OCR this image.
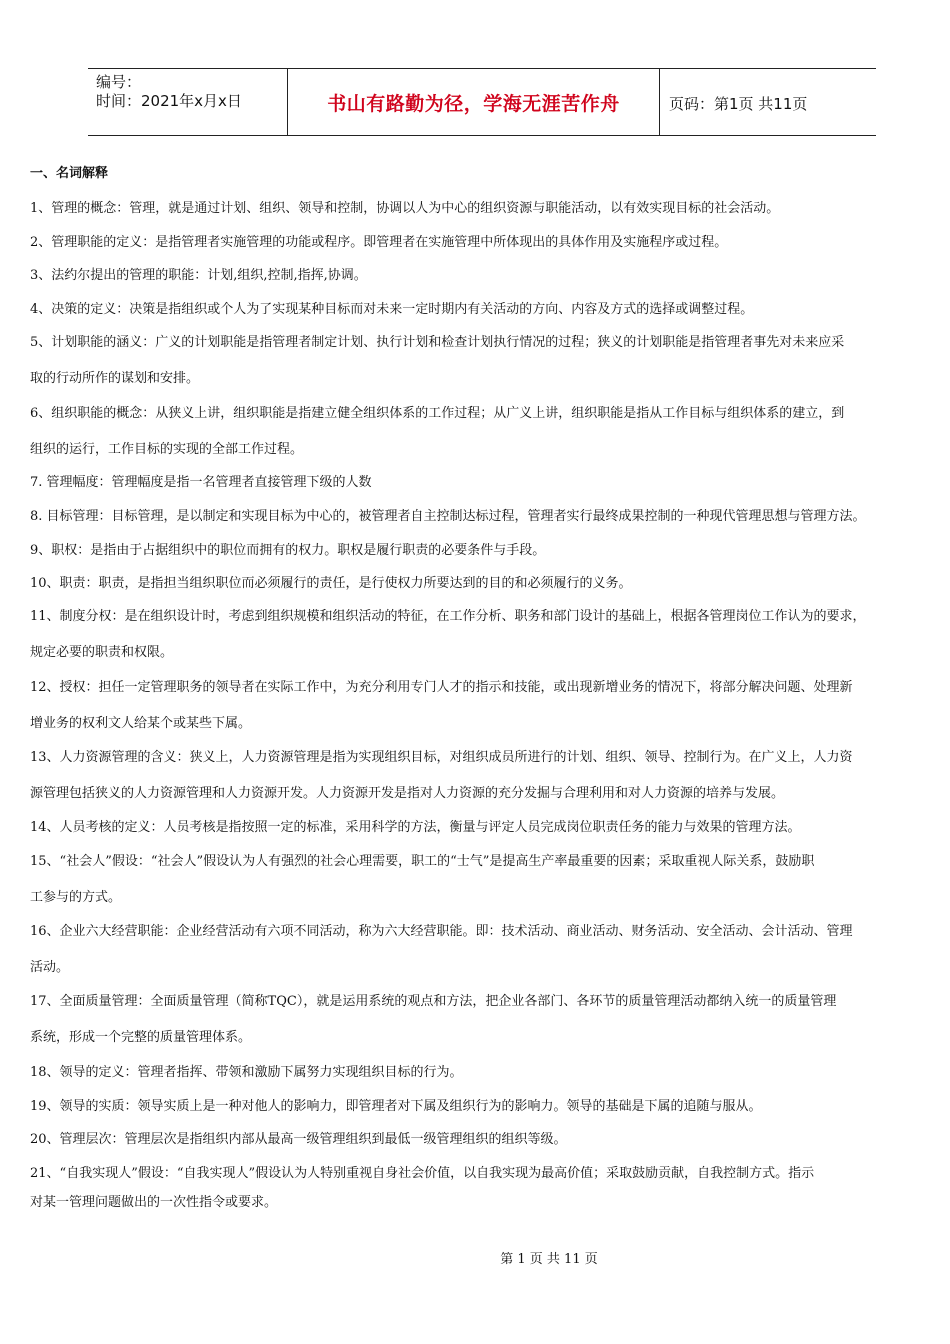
编号：
时间：2021年x月x日	书山有路勤为径，学海无涯苦作舟	页码：第1页 共11页
一、名词解释
1、管理的概念：管理，就是通过计划、组织、领导和控制，协调以人为中心的组织资源与职能活动，以有效实现目标的社会活动。
2、管理职能的定义：是指管理者实施管理的功能或程序。即管理者在实施管理中所体现出的具体作用及实施程序或过程。
3、法约尔提出的管理的职能：计划,组织,控制,指挥,协调。
4、决策的定义：决策是指组织或个人为了实现某种目标而对未来一定时期内有关活动的方向、内容及方式的选择或调整过程。
5、计划职能的涵义：广义的计划职能是指管理者制定计划、执行计划和检查计划执行情况的过程；狭义的计划职能是指管理者事先对未来应采
取的行动所作的谋划和安排。
6、组织职能的概念：从狭义上讲，组织职能是指建立健全组织体系的工作过程；从广义上讲，组织职能是指从工作目标与组织体系的建立，到
组织的运行，工作目标的实现的全部工作过程。
7. 管理幅度：管理幅度是指一名管理者直接管理下级的人数
8. 目标管理：目标管理，是以制定和实现目标为中心的，被管理者自主控制达标过程，管理者实行最终成果控制的一种现代管理思想与管理方法。
9、职权：是指由于占据组织中的职位而拥有的权力。职权是履行职责的必要条件与手段。
10、职责：职责，是指担当组织职位而必须履行的责任，是行使权力所要达到的目的和必须履行的义务。
11、制度分权：是在组织设计时，考虑到组织规模和组织活动的特征，在工作分析、职务和部门设计的基础上，根据各管理岗位工作认为的要求，
规定必要的职责和权限。
12、授权：担任一定管理职务的领导者在实际工作中，为充分利用专门人才的指示和技能，或出现新增业务的情况下，将部分解决问题、处理新
增业务的权利文人给某个或某些下属。
13、人力资源管理的含义：狭义上，人力资源管理是指为实现组织目标，对组织成员所进行的计划、组织、领导、控制行为。在广义上，人力资
源管理包括狭义的人力资源管理和人力资源开发。人力资源开发是指对人力资源的充分发掘与合理利用和对人力资源的培养与发展。
14、人员考核的定义：人员考核是指按照一定的标准，采用科学的方法，衡量与评定人员完成岗位职责任务的能力与效果的管理方法。
15、“社会人”假设：“社会人”假设认为人有强烈的社会心理需要，职工的“士气”是提高生产率最重要的因素；采取重视人际关系，鼓励职
工参与的方式。
16、企业六大经营职能：企业经营活动有六项不同活动，称为六大经营职能。即：技术活动、商业活动、财务活动、安全活动、会计活动、管理
活动。
17、全面质量管理：全面质量管理（简称TQC），就是运用系统的观点和方法，把企业各部门、各环节的质量管理活动都纳入统一的质量管理
系统，形成一个完整的质量管理体系。
18、领导的定义：管理者指挥、带领和激励下属努力实现组织目标的行为。
19、领导的实质：领导实质上是一种对他人的影响力，即管理者对下属及组织行为的影响力。领导的基础是下属的追随与服从。
20、管理层次：管理层次是指组织内部从最高一级管理组织到最低一级管理组织的组织等级。
21、“自我实现人”假设：“自我实现人”假设认为人特别重视自身社会价值，以自我实现为最高价值；采取鼓励贡献，自我控制方式。指示
对某一管理问题做出的一次性指令或要求。
第 1 页 共 11 页
